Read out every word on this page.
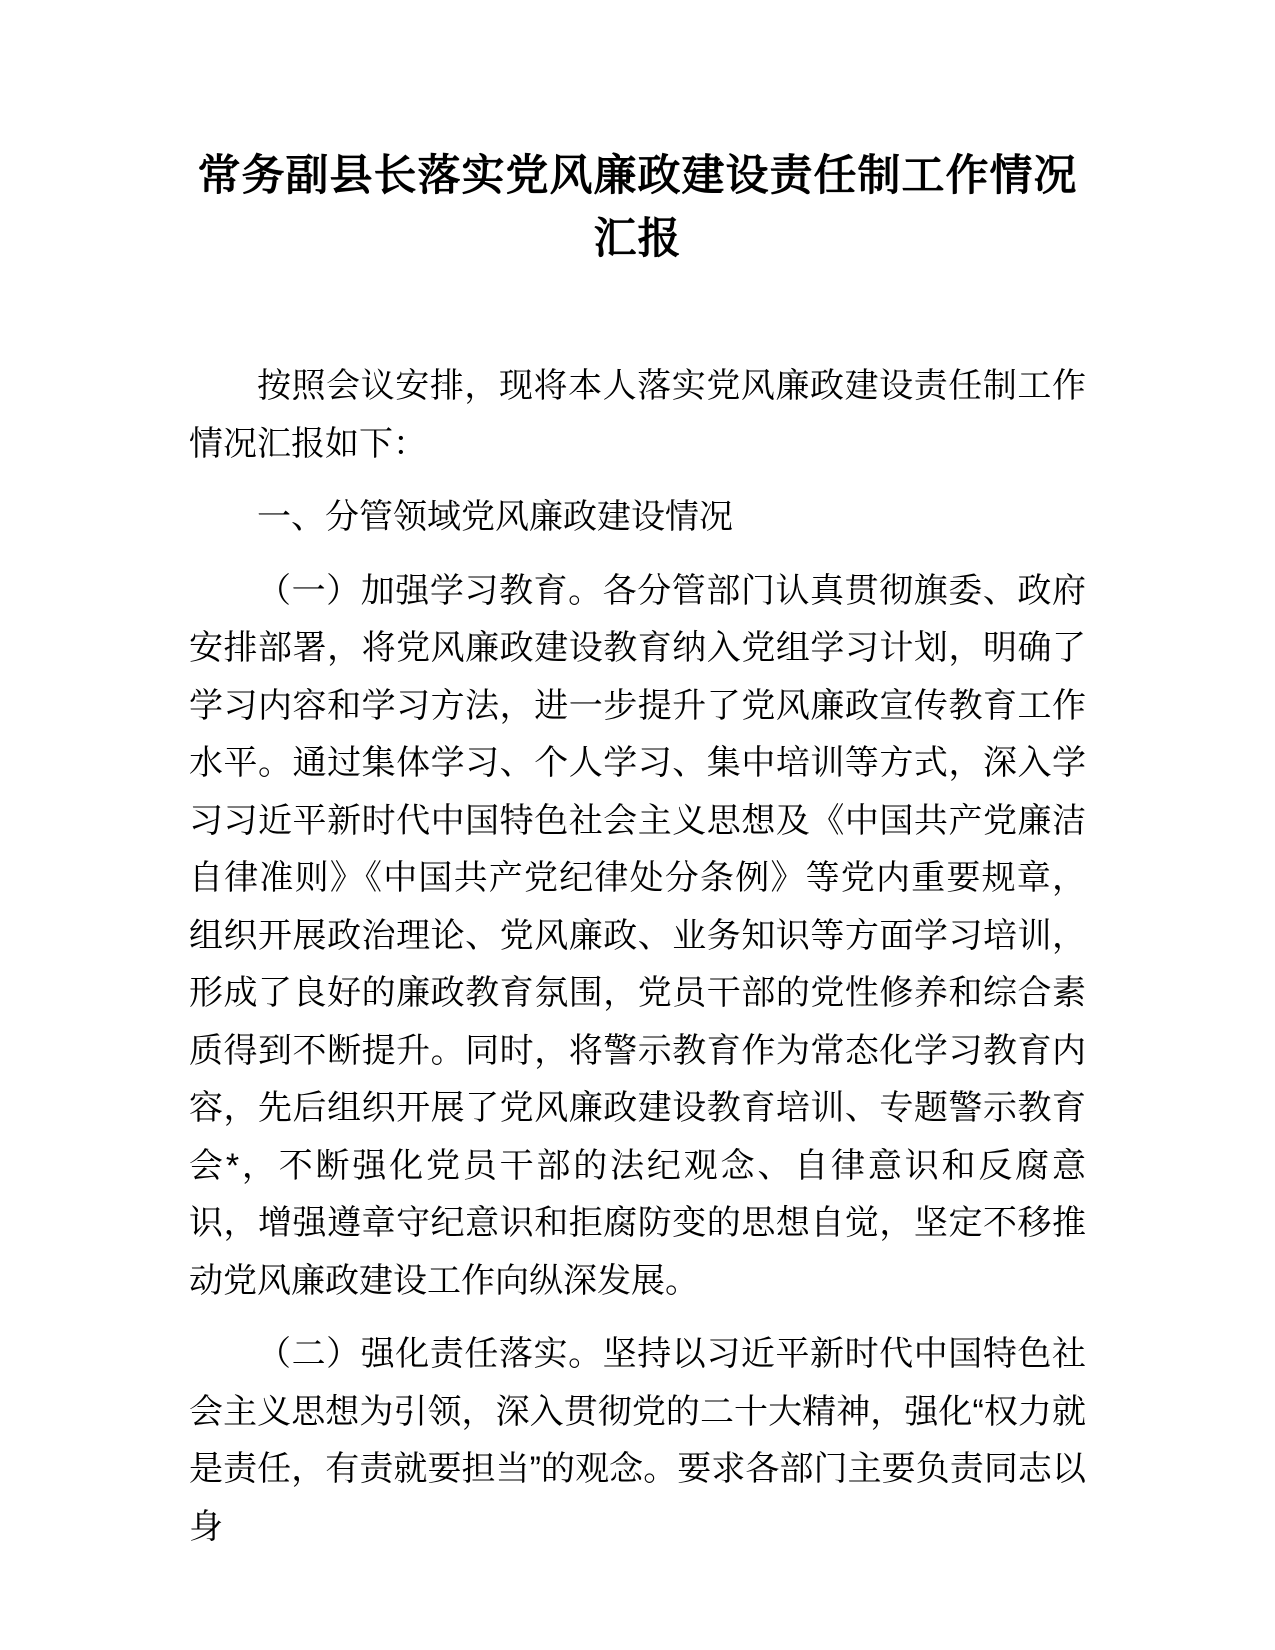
常务副县长落实党风廉政建设责任制工作情况汇报

按照会议安排，现将本人落实党风廉政建设责任制工作情况汇报如下：

一、分管领域党风廉政建设情况

（一）加强学习教育。各分管部门认真贯彻旗委、政府安排部署，将党风廉政建设教育纳入党组学习计划，明确了学习内容和学习方法，进一步提升了党风廉政宣传教育工作水平。通过集体学习、个人学习、集中培训等方式，深入学习习近平新时代中国特色社会主义思想及《中国共产党廉洁自律准则》《中国共产党纪律处分条例》等党内重要规章，组织开展政治理论、党风廉政、业务知识等方面学习培训，形成了良好的廉政教育氛围，党员干部的党性修养和综合素质得到不断提升。同时，将警示教育作为常态化学习教育内容，先后组织开展了党风廉政建设教育培训、专题警示教育会*，不断强化党员干部的法纪观念、自律意识和反腐意识，增强遵章守纪意识和拒腐防变的思想自觉，坚定不移推动党风廉政建设工作向纵深发展。

（二）强化责任落实。坚持以习近平新时代中国特色社会主义思想为引领，深入贯彻党的二十大精神，强化“权力就是责任，有责就要担当”的观念。要求各部门主要负责同志以身
